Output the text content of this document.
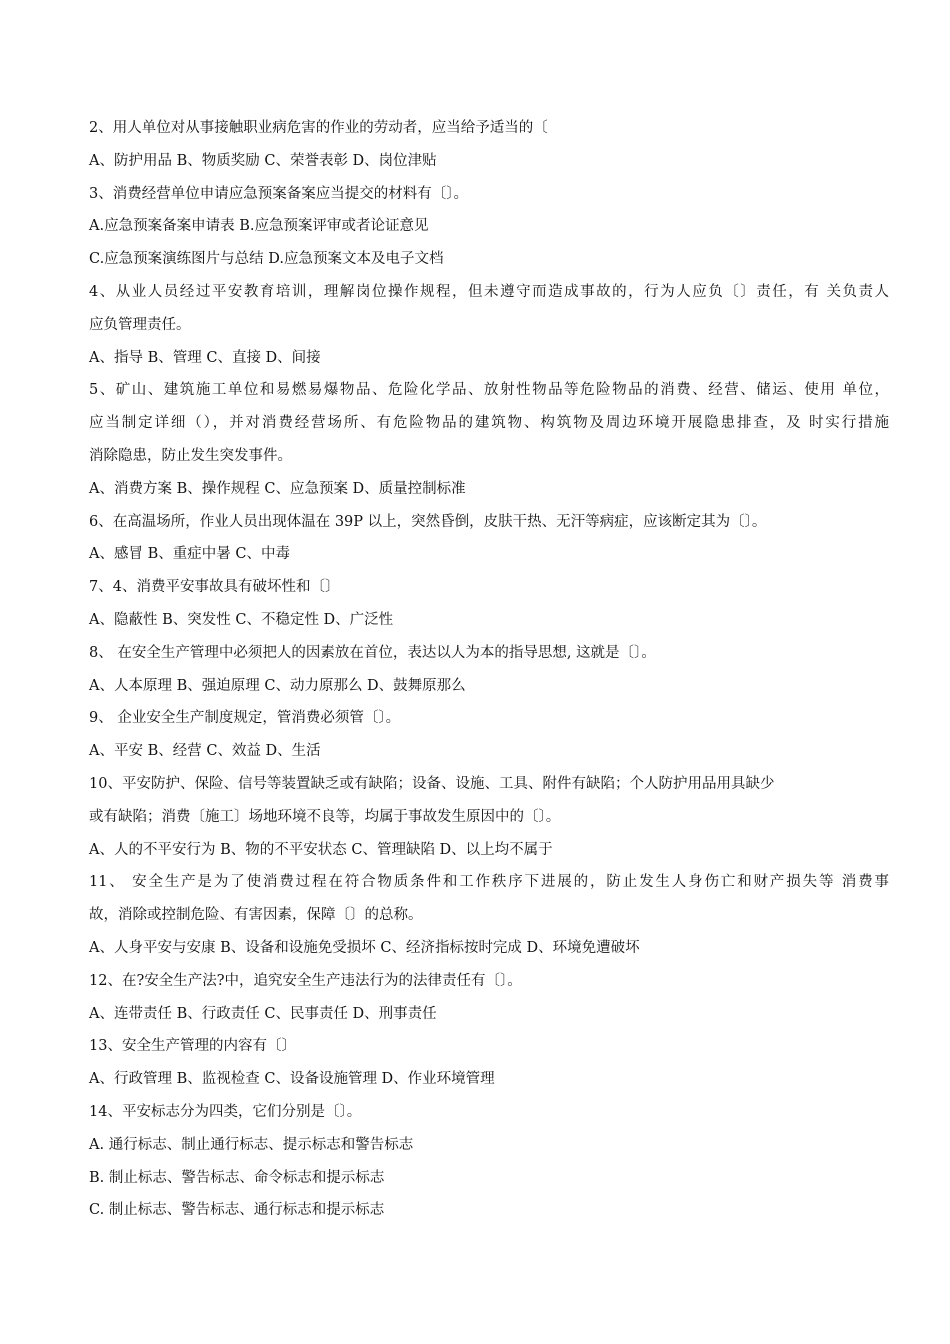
2、用人单位对从事接触职业病危害的作业的劳动者，应当给予适当的〔
A、防护用品 B、物质奖励 C、荣誉表彰 D、岗位津贴
3、消费经营单位申请应急预案备案应当提交的材料有〔〕。
A.应急预案备案申请表 B.应急预案评审或者论证意见
C.应急预案演练图片与总结 D.应急预案文本及电子文档
4、从业人员经过平安教育培训，理解岗位操作规程，但未遵守而造成事故的，行为人应负〔〕责任，有 关负责人
应负管理责任。
A、指导 B、管理 C、直接 D、间接
5、矿山、建筑施工单位和易燃易爆物品、危险化学品、放射性物品等危险物品的消费、经营、储运、使用 单位，
应当制定详细（），并对消费经营场所、有危险物品的建筑物、构筑物及周边环境开展隐患排查，及 时实行措施
消除隐患，防止发生突发事件。
A、消费方案 B、操作规程 C、应急预案 D、质量控制标准
6、在高温场所，作业人员出现体温在 39P 以上，突然昏倒，皮肤干热、无汗等病症，应该断定其为〔〕。
A、感冒 B、重症中暑 C、中毒
7、4、消费平安事故具有破坏性和〔〕
A、隐蔽性 B、突发性 C、不稳定性 D、广泛性
8、 在安全生产管理中必须把人的因素放在首位，表达以人为本的指导思想, 这就是〔〕。
A、人本原理 B、强迫原理 C、动力原那么 D、鼓舞原那么
9、 企业安全生产制度规定，管消费必须管〔〕。
A、平安 B、经营 C、效益 D、生活
10、平安防护、保险、信号等装置缺乏或有缺陷；设备、设施、工具、附件有缺陷；个人防护用品用具缺少
或有缺陷；消费〔施工〕场地环境不良等，均属于事故发生原因中的〔〕。
A、人的不平安行为 B、物的不平安状态 C、管理缺陷 D、以上均不属于
11、 安全生产是为了使消费过程在符合物质条件和工作秩序下进展的，防止发生人身伤亡和财产损失等 消费事
故，消除或控制危险、有害因素，保障〔〕的总称。
A、人身平安与安康 B、设备和设施免受损坏 C、经济指标按时完成 D、环境免遭破坏
12、在?安全生产法?中，追究安全生产违法行为的法律责任有〔〕。
A、连带责任 B、行政责任 C、民事责任 D、刑事责任
13、安全生产管理的内容有〔〕
A、行政管理 B、监视检查 C、设备设施管理 D、作业环境管理
14、平安标志分为四类，它们分别是〔〕。
A. 通行标志、制止通行标志、提示标志和警告标志
B. 制止标志、警告标志、命令标志和提示标志
C. 制止标志、警告标志、通行标志和提示标志
